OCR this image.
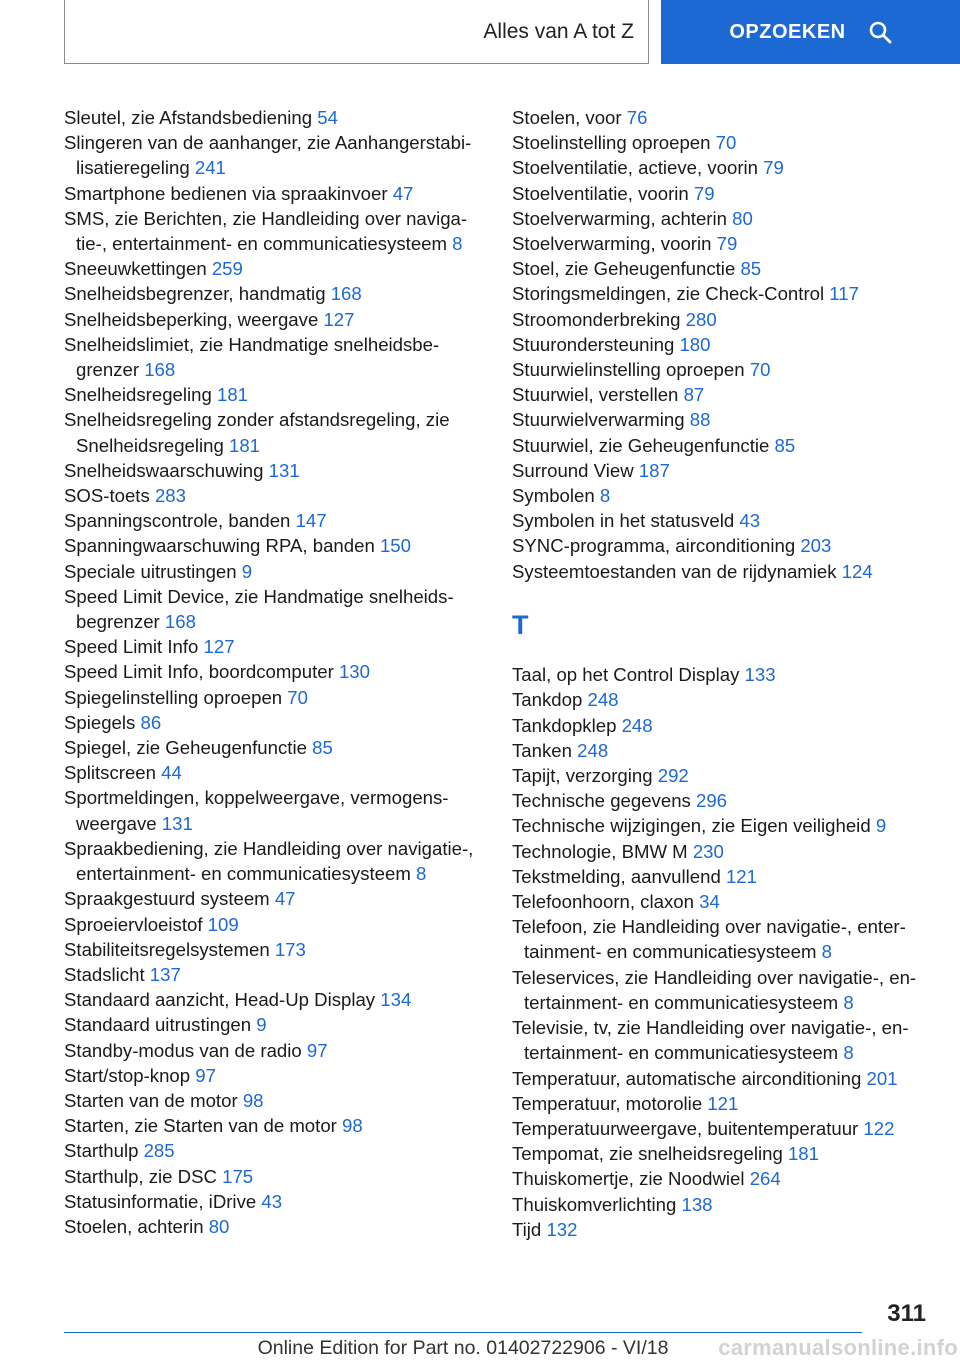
Alles van A tot Z	OPZOEKEN
Sleutel, zie Afstandsbediening 54
Slingeren van de aanhanger, zie Aanhangerstabilisatieregeling 241
Smartphone bedienen via spraakinvoer 47
SMS, zie Berichten, zie Handleiding over navigatie-, entertainment- en communicatiesysteem 8
Sneeuwkettingen 259
Snelheidsbegrenzer, handmatig 168
Snelheidsbeperking, weergave 127
Snelheidslimiet, zie Handmatige snelheidsbegrenzer 168
Snelheidsregeling 181
Snelheidsregeling zonder afstandsregeling, zie Snelheidsregeling 181
Snelheidswaarschuwing 131
SOS-toets 283
Spanningscontrole, banden 147
Spanningwaarschuwing RPA, banden 150
Speciale uitrustingen 9
Speed Limit Device, zie Handmatige snelheidsbegrenzer 168
Speed Limit Info 127
Speed Limit Info, boordcomputer 130
Spiegelinstelling oproepen 70
Spiegels 86
Spiegel, zie Geheugenfunctie 85
Splitscreen 44
Sportmeldingen, koppelweergave, vermogensweergave 131
Spraakbediening, zie Handleiding over navigatie-, entertainment- en communicatiesysteem 8
Spraakgestuurd systeem 47
Sproeiervloeistof 109
Stabiliteitsregelsystemen 173
Stadslicht 137
Standaard aanzicht, Head-Up Display 134
Standaard uitrustingen 9
Standby-modus van de radio 97
Start/stop-knop 97
Starten van de motor 98
Starten, zie Starten van de motor 98
Starthulp 285
Starthulp, zie DSC 175
Statusinformatie, iDrive 43
Stoelen, achterin 80
Stoelen, voor 76
Stoelinstelling oproepen 70
Stoelventilatie, actieve, voorin 79
Stoelventilatie, voorin 79
Stoelverwarming, achterin 80
Stoelverwarming, voorin 79
Stoel, zie Geheugenfunctie 85
Storingsmeldingen, zie Check-Control 117
Stroomonderbreking 280
Stuurondersteuning 180
Stuurwielinstelling oproepen 70
Stuurwiel, verstellen 87
Stuurwielverwarming 88
Stuurwiel, zie Geheugenfunctie 85
Surround View 187
Symbolen 8
Symbolen in het statusveld 43
SYNC-programma, airconditioning 203
Systeemtoestanden van de rijdynamiek 124
T
Taal, op het Control Display 133
Tankdop 248
Tankdopklep 248
Tanken 248
Tapijt, verzorging 292
Technische gegevens 296
Technische wijzigingen, zie Eigen veiligheid 9
Technologie, BMW M 230
Tekstmelding, aanvullend 121
Telefoonhoorn, claxon 34
Telefoon, zie Handleiding over navigatie-, entertainment- en communicatiesysteem 8
Teleservices, zie Handleiding over navigatie-, entertainment- en communicatiesysteem 8
Televisie, tv, zie Handleiding over navigatie-, entertainment- en communicatiesysteem 8
Temperatuur, automatische airconditioning 201
Temperatuur, motorolie 121
Temperatuurweergave, buitentemperatuur 122
Tempomat, zie snelheidsregeling 181
Thuiskomertje, zie Noodwiel 264
Thuiskomverlichting 138
Tijd 132
311
Online Edition for Part no. 01402722906 - VI/18	carmanualsonline.info
